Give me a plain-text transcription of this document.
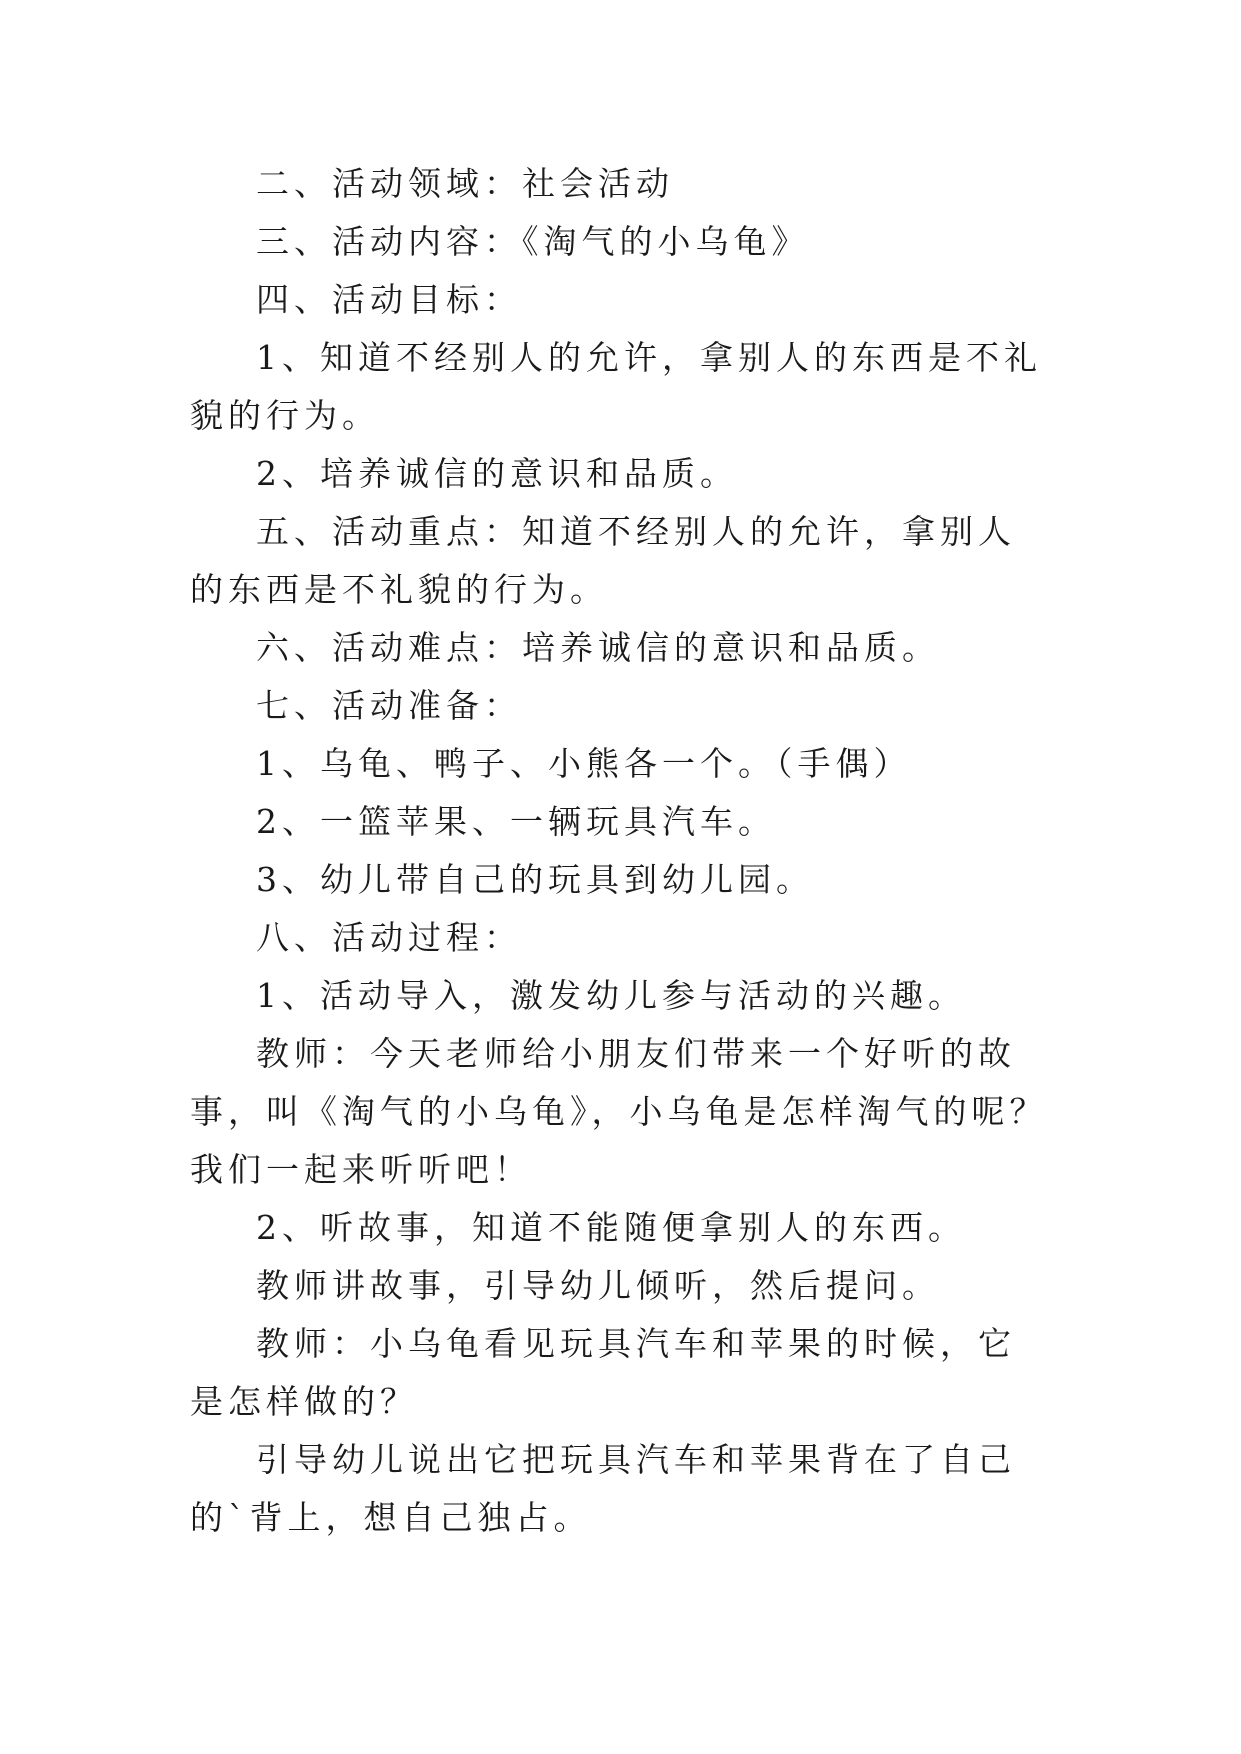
二、活动领域：社会活动

三、活动内容：《淘气的小乌龟》

四、活动目标：

1、知道不经别人的允许，拿别人的东西是不礼貌的行为。

2、培养诚信的意识和品质。

五、活动重点：知道不经别人的允许，拿别人的东西是不礼貌的行为。

六、活动难点：培养诚信的意识和品质。

七、活动准备：

1、乌龟、鸭子、小熊各一个。（手偶）

2、一篮苹果、一辆玩具汽车。

3、幼儿带自己的玩具到幼儿园。

八、活动过程：

1、活动导入，激发幼儿参与活动的兴趣。

教师：今天老师给小朋友们带来一个好听的故事，叫《淘气的小乌龟》，小乌龟是怎样淘气的呢？我们一起来听听吧！

2、听故事，知道不能随便拿别人的东西。

教师讲故事，引导幼儿倾听，然后提问。

教师：小乌龟看见玩具汽车和苹果的时候，它是怎样做的？

引导幼儿说出它把玩具汽车和苹果背在了自己的`背上，想自己独占。
